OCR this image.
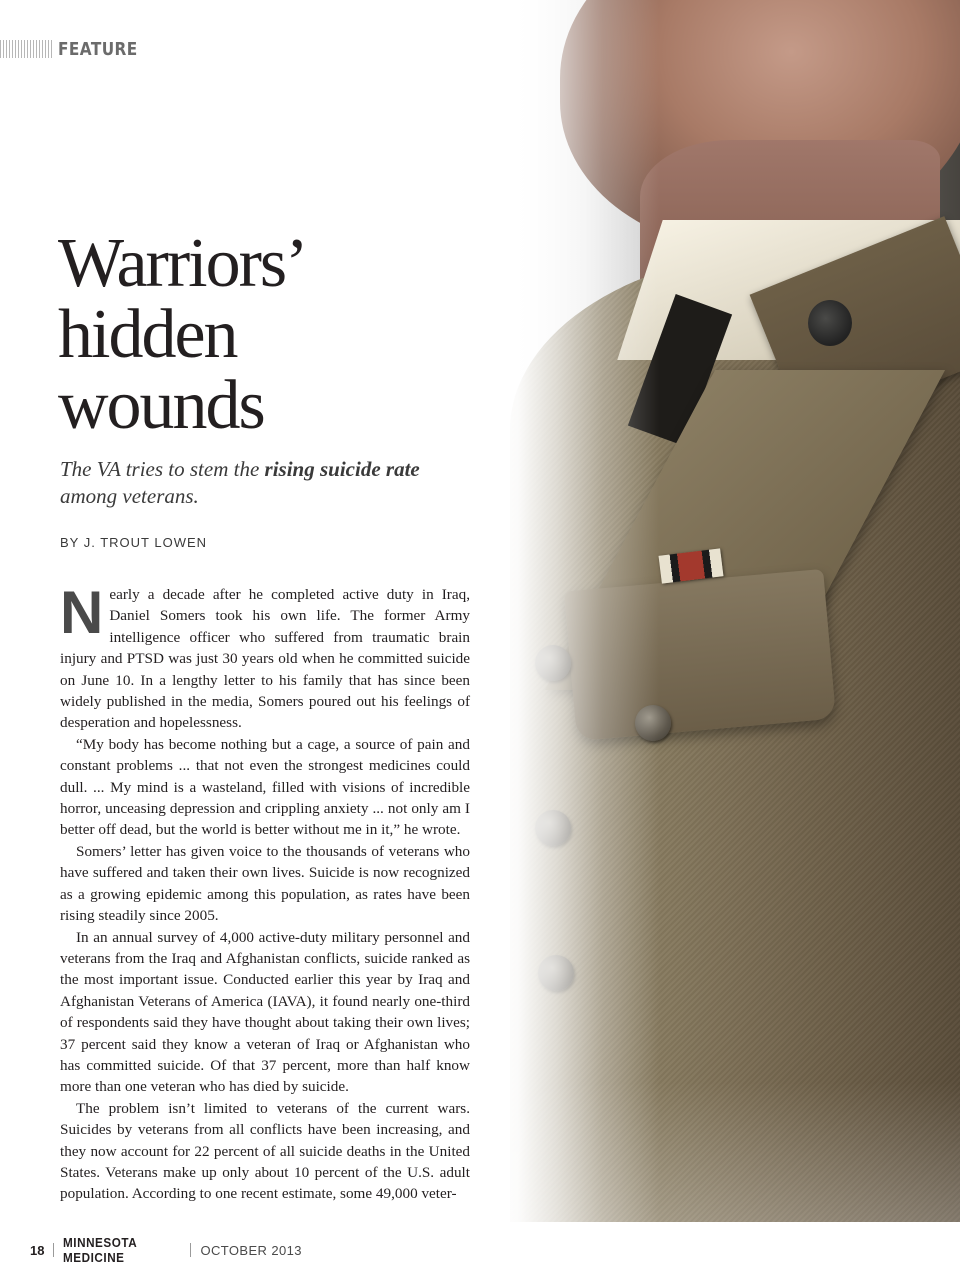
FEATURE
Warriors’
hidden
wounds

The VA tries to stem the rising suicide rate among veterans.

BY J. TROUT LOWEN

Nearly a decade after he completed active duty in Iraq, Daniel Somers took his own life. The former Army intelligence officer who suffered from traumatic brain injury and PTSD was just 30 years old when he committed suicide on June 10. In a lengthy letter to his family that has since been widely published in the media, Somers poured out his feelings of desperation and hopelessness.

“My body has become nothing but a cage, a source of pain and constant problems ... that not even the strongest medicines could dull. ... My mind is a wasteland, filled with visions of incredible horror, unceasing depression and crippling anxiety ... not only am I better off dead, but the world is better without me in it,” he wrote.

Somers’ letter has given voice to the thousands of veterans who have suffered and taken their own lives. Suicide is now recognized as a growing epidemic among this population, as rates have been rising steadily since 2005.

In an annual survey of 4,000 active-duty military personnel and veterans from the Iraq and Afghanistan conflicts, suicide ranked as the most important issue. Conducted earlier this year by Iraq and Afghanistan Veterans of America (IAVA), it found nearly one-third of respondents said they have thought about taking their own lives; 37 percent said they know a veteran of Iraq or Afghanistan who has committed suicide. Of that 37 percent, more than half know more than one veteran who has died by suicide.

The problem isn’t limited to veterans of the current wars. Suicides by veterans from all conflicts have been increasing, and they now account for 22 percent of all suicide deaths in the United States. Veterans make up only about 10 percent of the U.S. adult population. According to one recent estimate, some 49,000 veter-

18 MINNESOTA MEDICINE	OCTOBER 2013
